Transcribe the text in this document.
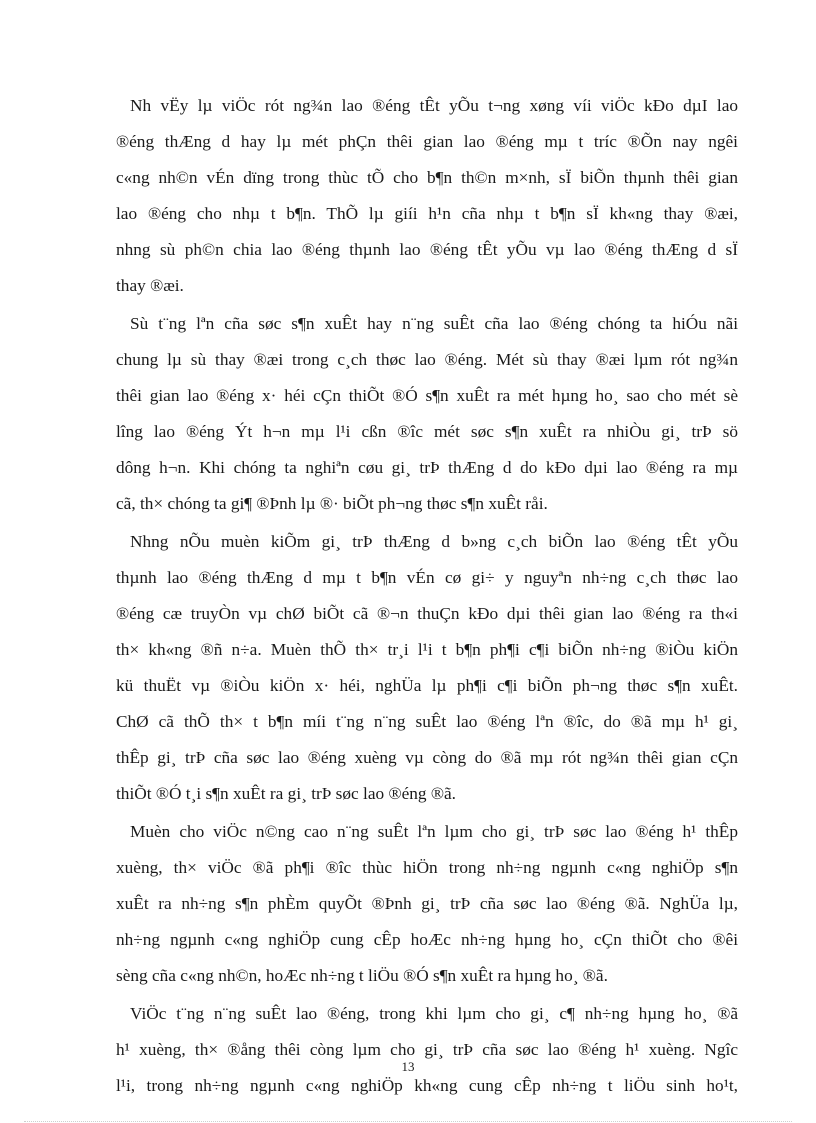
Nh vËy lµ viÖc rót ng¾n lao ®éng tÊt yÕu t¬ng xøng víi viÖc kÐo dµI lao
®éng thÆng d hay lµ mét phÇn thêi gian lao ®éng mµ t tríc ®Õn nay ngêi
c«ng nh©n vÉn dïng trong thùc tÕ cho b¶n th©n m×nh, sÏ biÕn thµnh thêi gian
lao ®éng cho nhµ t b¶n. ThÕ lµ giíi h¹n cña nhµ t b¶n sÏ kh«ng thay ®æi,
nhng sù ph©n chia lao ®éng thµnh lao ®éng tÊt yÕu vµ lao ®éng thÆng d sÏ
thay ®æi.
Sù t¨ng lªn cña søc s¶n xuÊt hay n¨ng suÊt cña lao ®éng chóng ta hiÓu nãi
chung lµ sù thay ®æi trong c¸ch thøc lao ®éng. Mét sù thay ®æi lµm rót ng¾n
thêi gian lao ®éng x· héi cÇn thiÕt ®Ó s¶n xuÊt ra mét hµng ho¸ sao cho mét sè
lîng lao ®éng Ýt h¬n mµ l¹i cßn ®îc mét søc s¶n xuÊt ra nhiÒu gi¸ trÞ sö
dông h¬n. Khi chóng ta nghiªn cøu gi¸ trÞ thÆng d do kÐo dµi lao ®éng ra mµ
cã, th× chóng ta gi¶ ®Þnh lµ ®· biÕt ph¬ng thøc s¶n xuÊt råi.
Nhng nÕu muèn kiÕm gi¸ trÞ thÆng d b»ng c¸ch biÕn lao ®éng tÊt yÕu
thµnh lao ®éng thÆng d mµ t b¶n vÉn cø gi÷ y nguyªn nh÷ng c¸ch thøc lao
®éng cæ truyÒn vµ chØ biÕt cã ®¬n thuÇn kÐo dµi thêi gian lao ®éng ra th«i
th× kh«ng ®ñ n÷a. Muèn thÕ th× tr¸i l¹i t b¶n ph¶i c¶i biÕn nh÷ng ®iÒu kiÖn
kü thuËt vµ ®iÒu kiÖn x· héi, nghÜa lµ ph¶i c¶i biÕn ph¬ng thøc s¶n xuÊt.
ChØ cã thÕ th× t b¶n míi t¨ng n¨ng suÊt lao ®éng lªn ®îc, do ®ã mµ h¹ gi¸
thÊp gi¸ trÞ cña søc lao ®éng xuèng vµ còng do ®ã mµ rót ng¾n thêi gian cÇn
thiÕt ®Ó t¸i s¶n xuÊt ra gi¸ trÞ søc lao ®éng ®ã.
Muèn cho viÖc n©ng cao n¨ng suÊt lªn lµm cho gi¸ trÞ søc lao ®éng h¹ thÊp
xuèng, th× viÖc ®ã ph¶i ®îc thùc hiÖn trong nh÷ng ngµnh c«ng nghiÖp s¶n
xuÊt ra nh÷ng s¶n phÈm quyÕt ®Þnh gi¸ trÞ cña søc lao ®éng ®ã. NghÜa lµ,
nh÷ng ngµnh c«ng nghiÖp cung cÊp hoÆc nh÷ng hµng ho¸ cÇn thiÕt cho ®êi
sèng cña c«ng nh©n, hoÆc nh÷ng t liÖu ®Ó s¶n xuÊt ra hµng ho¸ ®ã.
ViÖc t¨ng n¨ng suÊt lao ®éng, trong khi lµm cho gi¸ c¶ nh÷ng hµng ho¸ ®ã
h¹ xuèng, th× ®ång thêi còng lµm cho gi¸ trÞ cña søc lao ®éng h¹ xuèng. Ngîc
l¹i, trong nh÷ng ngµnh c«ng nghiÖp kh«ng cung cÊp nh÷ng t liÖu sinh ho¹t,
13
